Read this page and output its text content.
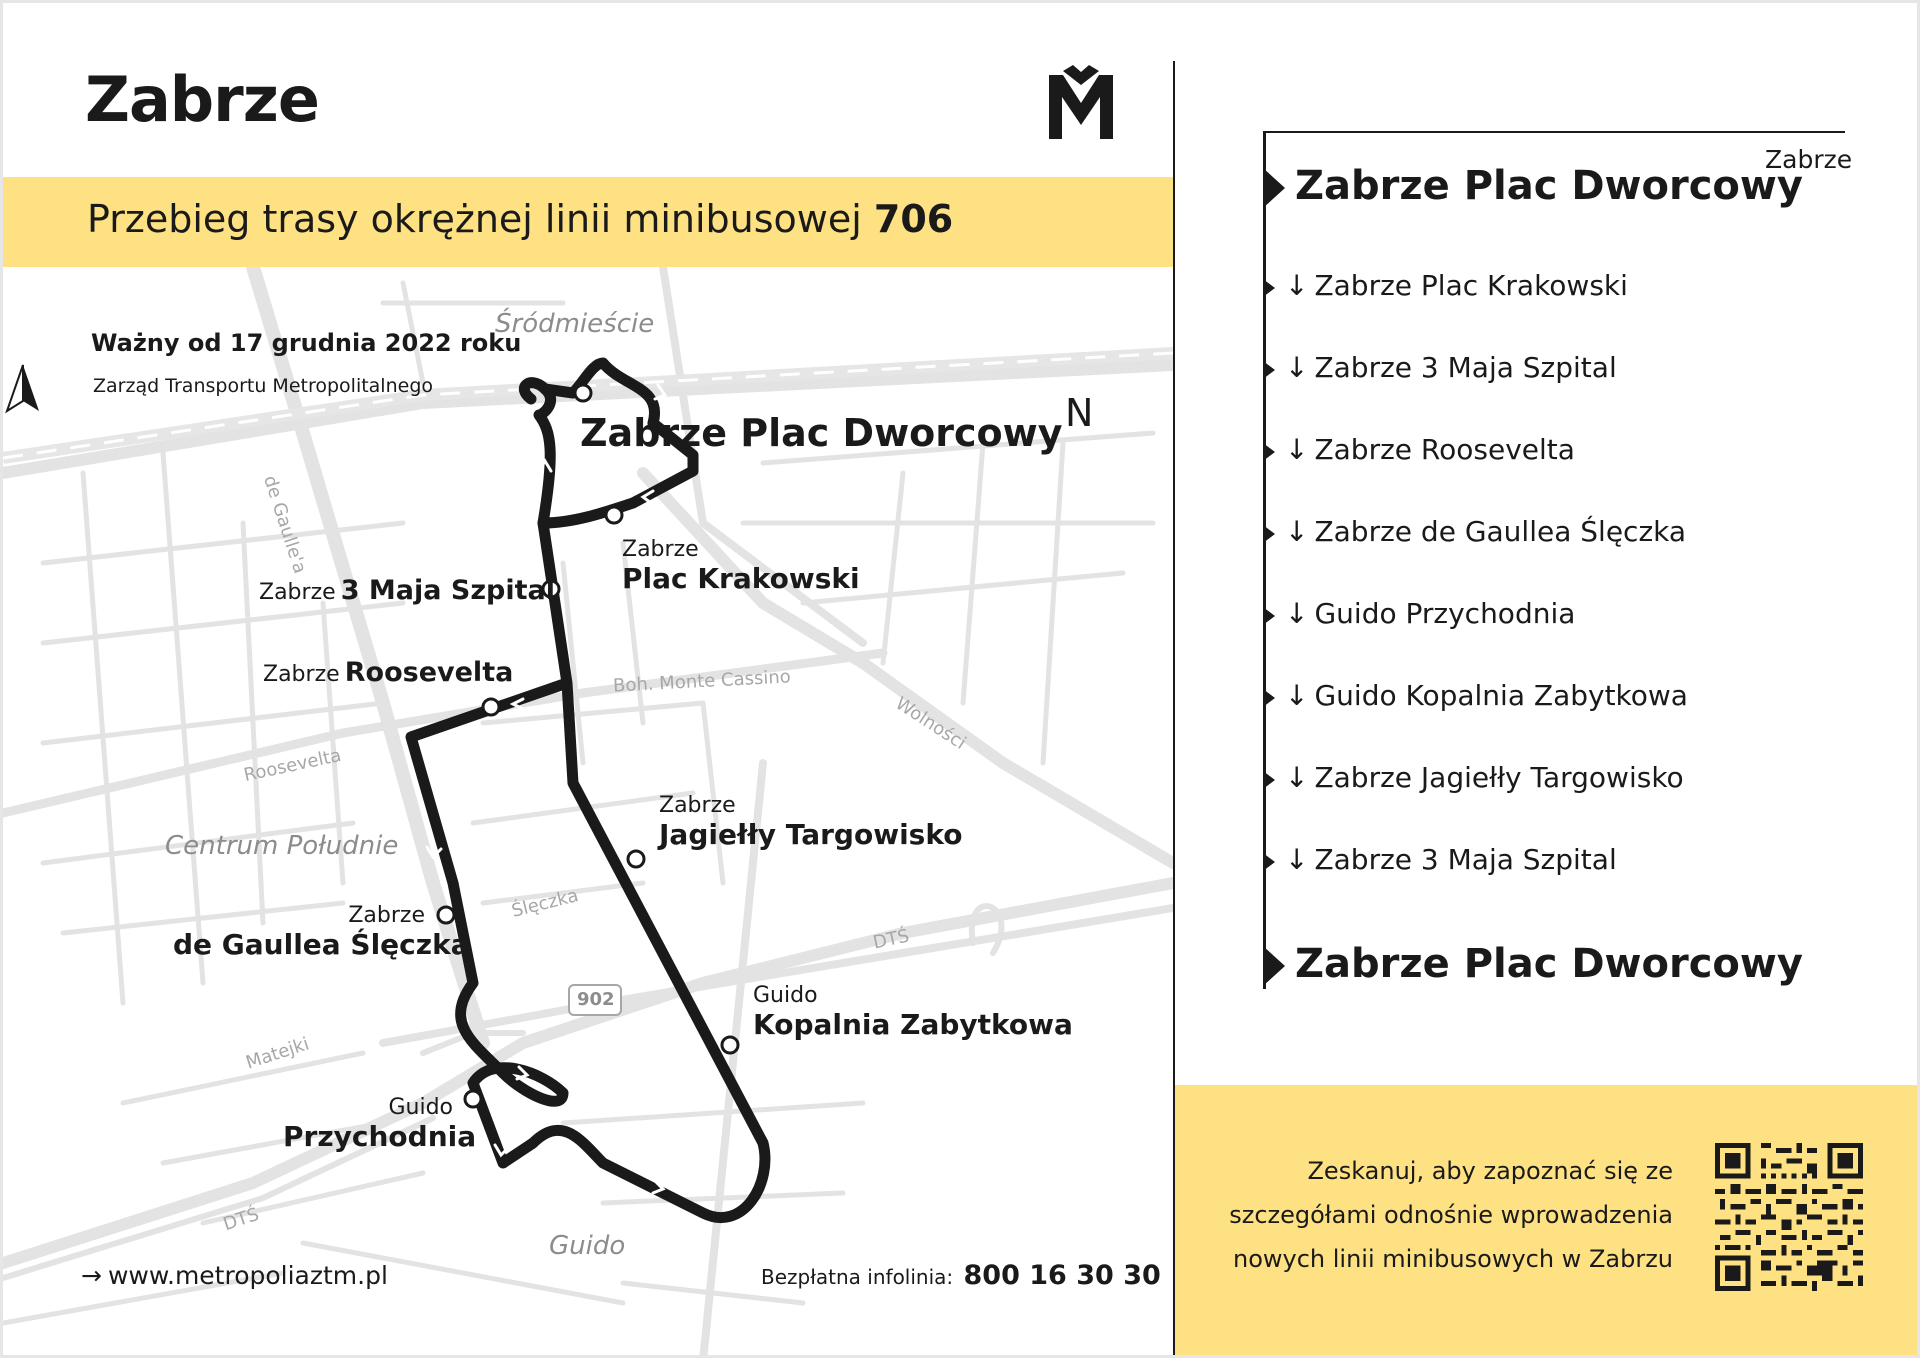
Zabrze
Przebieg trasy okrężnej linii minibusowej 706
N
Ważny od 17 grudnia 2022 roku
Zarząd Transportu Metropolitalnego
Śródmieście
Centrum Południe
Guido
de Gaulle'a
Boh. Monte Cassino
Wolności
Roosevelta
Ślęczka
DTŚ
DTŚ
Matejki
902
Zabrze Plac Dworcowy
Zabrze
Plac Krakowski
Zabrze 3 Maja Szpital
Zabrze Roosevelta
Zabrze
Jagiełły Targowisko
Zabrze
de Gaullea Ślęczka
Guido
Kopalnia Zabytkowa
Guido
Przychodnia
→ www.metropoliaztm.pl	Bezpłatna infolinia: 800 16 30 30
Zabrze
Zabrze Plac Dworcowy
↓ Zabrze Plac Krakowski
↓ Zabrze 3 Maja Szpital
↓ Zabrze Roosevelta
↓ Zabrze de Gaullea Ślęczka
↓ Guido Przychodnia
↓ Guido Kopalnia Zabytkowa
↓ Zabrze Jagiełły Targowisko
↓ Zabrze 3 Maja Szpital
Zabrze Plac Dworcowy
Zeskanuj, aby zapoznać się ze
szczegółami odnośnie wprowadzenia
nowych linii minibusowych w Zabrzu
